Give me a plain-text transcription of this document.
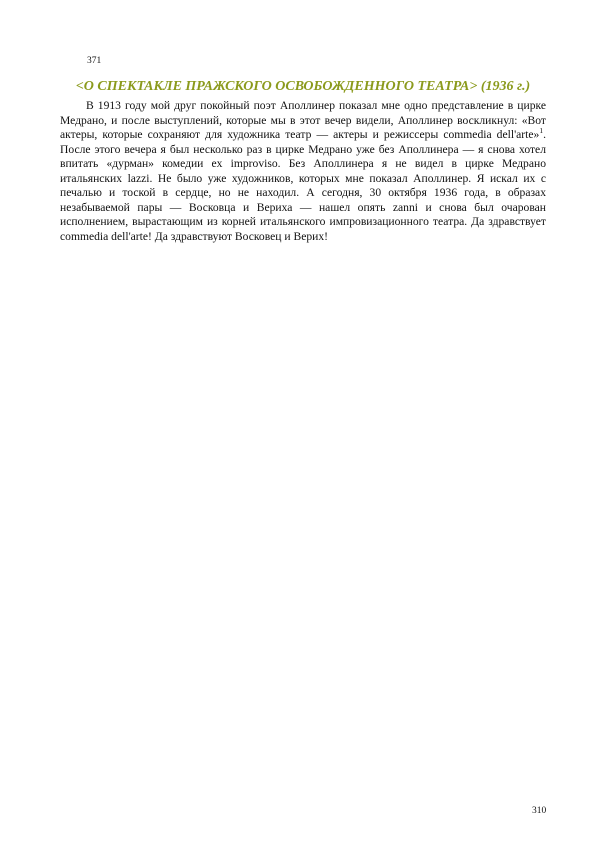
371
<О СПЕКТАКЛЕ ПРАЖСКОГО ОСВОБОЖДЕННОГО ТЕАТРА> (1936 г.)

В 1913 году мой друг покойный поэт Аполлинер показал мне одно представление в цирке Медрано, и после выступлений, которые мы в этот вечер видели, Аполлинер воскликнул: «Вот актеры, которые сохраняют для художника театр — актеры и режиссеры commedia dell'arte»$^1$. После этого вечера я был несколько раз в цирке Медрано уже без Аполлинера — я снова хотел впитать «дурман» комедии ex improviso. Без Аполлинера я не видел в цирке Медрано итальянских lazzi. Не было уже художников, которых мне показал Аполлинер. Я искал их с печалью и тоской в сердце, но не находил. А сегодня, 30 октября 1936 года, в образах незабываемой пары — Восковца и Вериха — нашел опять zanni и снова был очарован исполнением, вырастающим из корней итальянского импровизационного театра. Да здравствует commedia dell'arte! Да здравствуют Восковец и Верих!

310
